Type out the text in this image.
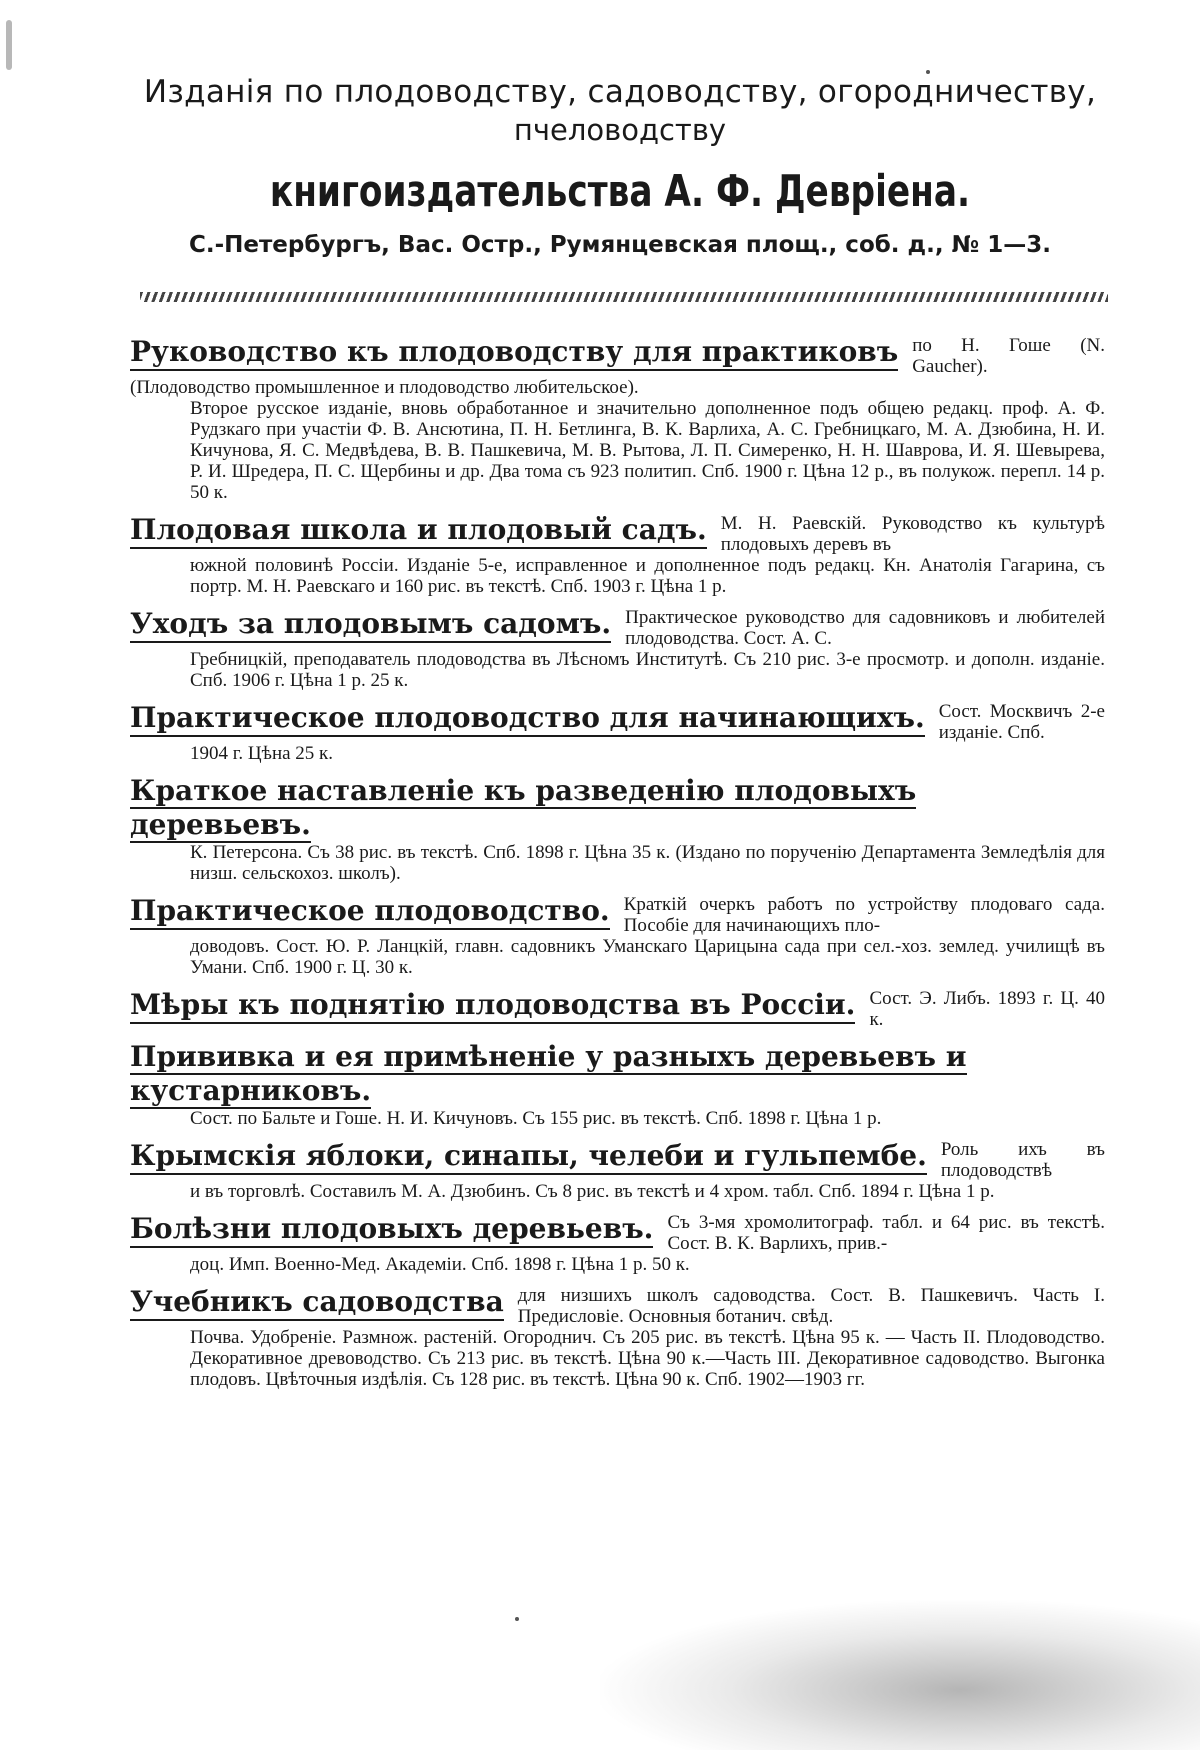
Изданія по плодоводству, садоводству, огородничеству,
пчеловодству
книгоиздательства А. Ф. Девріена.
С.-Петербургъ, Вас. Остр., Румянцевская площ., соб. д., № 1—3.
Руководство къ плодоводству для практиковъ по Н. Гоше (N. Gaucher). (Плодоводство промышленное и плодоводство любительское).
Второе русское изданіе, вновь обработанное и значительно дополненное подъ общею редакц. проф. А. Ф. Рудзкаго при участіи Ф. В. Ансютина, П. Н. Бетлинга, В. К. Варлиха, А. С. Гребницкаго, М. А. Дзюбина, Н. И. Кичунова, Я. С. Медвѣдева, В. В. Пашкевича, М. В. Рытова, Л. П. Симеренко, Н. Н. Шаврова, И. Я. Шевырева, Р. И. Шредера, П. С. Щербины и др. Два тома съ 923 политип. Спб. 1900 г. Цѣна 12 р., въ полукож. перепл. 14 р. 50 к.
Плодовая школа и плодовый садъ. М. Н. Раевскій. Руководство къ культурѣ плодовыхъ деревъ въ
южной половинѣ Россіи. Изданіе 5-е, исправленное и дополненное подъ редакц. Кн. Анатолія Гагарина, съ портр. М. Н. Раевскаго и 160 рис. въ текстѣ. Спб. 1903 г. Цѣна 1 р.
Уходъ за плодовымъ садомъ. Практическое руководство для садовниковъ и любителей плодоводства. Сост. А. С.
Гребницкій, преподаватель плодоводства въ Лѣсномъ Институтѣ. Съ 210 рис. 3-е просмотр. и дополн. изданіе. Спб. 1906 г. Цѣна 1 р. 25 к.
Практическое плодоводство для начинающихъ. Сост. Москвичъ 2-е изданіе. Спб.
1904 г. Цѣна 25 к.
Краткое наставленіе къ разведенію плодовыхъ деревьевъ.
К. Петерсона. Съ 38 рис. въ текстѣ. Спб. 1898 г. Цѣна 35 к. (Издано по порученію Департамента Земледѣлія для низш. сельскохоз. школъ).
Практическое плодоводство. Краткій очеркъ работъ по устройству плодоваго сада. Пособіе для начинающихъ пло-
доводовъ. Сост. Ю. Р. Ланцкій, главн. садовникъ Уманскаго Царицына сада при сел.-хоз. землед. училищѣ въ Умани. Спб. 1900 г. Ц. 30 к.
Мѣры къ поднятію плодоводства въ Россіи. Сост. Э. Либъ. 1893 г. Ц. 40 к.
Прививка и ея примѣненіе у разныхъ деревьевъ и кустарниковъ.
Сост. по Бальте и Гоше. Н. И. Кичуновъ. Съ 155 рис. въ текстѣ. Спб. 1898 г. Цѣна 1 р.
Крымскія яблоки, синапы, челеби и гульпембе. Роль ихъ въ плодоводствѣ
и въ торговлѣ. Составилъ М. А. Дзюбинъ. Съ 8 рис. въ текстѣ и 4 хром. табл. Спб. 1894 г. Цѣна 1 р.
Болѣзни плодовыхъ деревьевъ. Съ 3-мя хромолитограф. табл. и 64 рис. въ текстѣ. Сост. В. К. Варлихъ, прив.-
доц. Имп. Военно-Мед. Академіи. Спб. 1898 г. Цѣна 1 р. 50 к.
Учебникъ садоводства для низшихъ школъ садоводства. Сост. В. Пашкевичъ. Часть I. Предисловіе. Основныя ботанич. свѣд.
Почва. Удобреніе. Размнож. растеній. Огороднич. Съ 205 рис. въ текстѣ. Цѣна 95 к. — Часть II. Плодоводство. Декоративное древоводство. Съ 213 рис. въ текстѣ. Цѣна 90 к.—Часть III. Декоративное садоводство. Выгонка плодовъ. Цвѣточныя издѣлія. Съ 128 рис. въ текстѣ. Цѣна 90 к. Спб. 1902—1903 гг.
